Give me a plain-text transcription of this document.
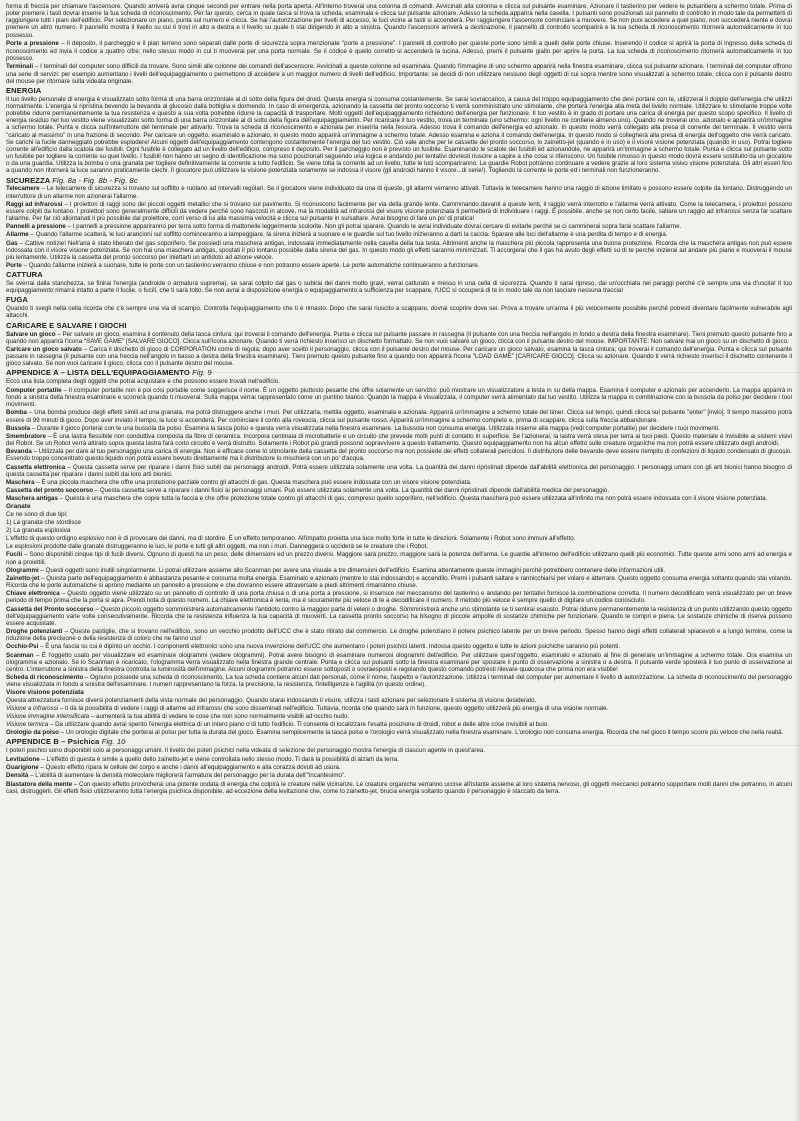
forma di freccia per chiamare l'ascensore. Quando arriverà avrai cinque secondi per entrare nella porta aperta. All'interno troverai una colonna di comandi. Avvicinati alla colonna e clicca sul pulsante esaminare. Azionare il tastierino per vedere le pulsantiera a schermo totale. Prima di poter premere i tasti dovrai inserire la tua scheda di riconoscimento. Per far questo, cerca in quale tasca si trova la scheda, esaminala e clicca sul pulsante azionare. Adesso la scheda apparirà nella casella. I pulsanti sono posizionati sul pannello di controllo in modo tale da permetterti di raggiungere tutti i piani dell'edificio. Per selezionare un piano, punta sul numero e clicca. Se hai l'autorizzazione per livelli di accesso, le luci vicine ai tasti si accenderà. Per raggiungere l'ascensore cominciare a muovere. Se non puoi accedere a quel piano, non succederà niente e dovrai premere un altro numero. Il pannello mostra il livello su cui ti trovi in alto a destra e il livello su quale ti stai dirigendo in alto a sinistra. Quando l'ascensore arriverà a destinazione, il pannello di controllo scomparirà e la tua scheda di riconoscimento ritornerà automaticamente in tuo possesso.

Porte a pressione – Il deposito, il parcheggio e il pian terreno sono separati dalle porte di sicurezza sopra menzionate "porte a pressione". I pannelli di controllo per queste porte sono simili a quelli delle porte chiuse. Inserendo il codice si aprirà la porta di ingresso della scheda di riconoscimento ed invia il codice a quattro cifre; nello stesso modo in cui ti muoverai per una porta normale. Se il codice è quello corretto si accenderà la lucina. Adesso, premi il pulsante giallo per aprire la porta. La tua scheda di riconoscimento ritornerà automaticamente in tuo possesso.

Terminali – I terminali del computer sono difficili da trovare. Sono simili alle colonne dei comandi dell'ascensore. Avvicinati a queste colonne ed esaminala. Quando l'immagine di uno schermo apparirà nella finestra esaminare, clicca sul pulsante azionare. I terminali del computer offrono una serie di servizi: per esempio aumentano i livelli dell'equipaggiamento o permettono di accedere a un maggior numero di livelli dell'edificio. Importante: se decidi di non utilizzare nessuno degli oggetti di cui sopra mentre sono visualizzati a schermo totale, clicca con il pulsante destro del mouse per ritornare sulla videata originale.

ENERGIA

Il tuo livello personale di energia è visualizzato sotto forma di una barra orizzontale al di sotto della figura del droid. Questa energia si consuma costantemente. Se sarai sovraccarico, a causa del troppo equipaggiamento che devi portare con te, utilizzerai il doppio dell'energia che utilizzi normalmente. L'energia si ripristina bevendo la bevanda al glucosio dalla bottiglia e dormendo. In caso di emergenza, azionando la cassetta del pronto soccorso ti verrà somministrato uno stimolante, che porterà l'energia alla metà del livello normale. Utilizzare lo stimolante troppe volte potrebbe ridurre permanentemente la tua resistenza e questo a sua volta potrebbe ridurre la capacità di trasportare. Molti oggetti dell'equipaggiamento richiedono dell'energia per funzionare. Il tuo vestito è in grado di portare una carica di energia per questo scopo specifico. Il livello di energia residuo nel tuo vestito viene visualizzato sotto forma di una barra orizzontale al di sotto della figura dell'equipaggiamento. Per ricaricare il tuo vestito, trova un terminale (uno schermo: ogni livello ne contiene almeno uno). Quando ne troverai uno, azionalo e apparirà un'immagine a schermo totale. Punta e clicca sull'interruttore del terminale per attivarlo. Trova la scheda di riconoscimento e azionala per inserirla nella fessura. Adesso trova il comando dell'energia ed azionalo. In questo modo verrà collegato alla presa di corrente del terminale. Il vestito verrà "caricato al massimo" in una frazione di secondo. Per caricare un oggetto, esaminalo e azionalo, in questo modo apparirà un'immagine a schermo totale. Adesso esamina e aziona il comando dell'energia. In questo modo si collegherà alla presa di energia dell'oggetto che verrà caricato. Se carichi la fucile danneggiato potrebbe esplodere! Alcuni oggetti dell'equipaggiamento contengono costantemente l'energia del tuo vestito. Ciò vale anche per le cassette del pronto soccorso, lo zainetto-jet (quando è in uso) e il visore visione potenziata (quando in uso). Potrai togliere corrente all'edificio dalla scatola dei fusibili. Ogni fusibile è collegato ad un livello dell'edificio, compreso il deposito. Per il parcheggio non è previsto un fusibile. Esaminando le scatole dei fusibili ed azionandole, ne apparirà un'immagine a schermo totale. Punta e clicca sul pulsante sotto un fusibile per togliere la corrente su quel livello. I fusibili non hanno un segno di identificazione ma sono posizionati seguendo una logica e andando per tentativi dovresti riuscire a capire a che cosa si riferiscono. Un fusibile rimosso in questo modo dovrà essere sostituito da un giocatore o da una guardia. Utilizza la bomba o una granata per togliere definitivamente la corrente a tutto l'edificio. Se viene tolta la corrente ad un livello, tutte le luci scompariranno. Le guardie Robot potranno continuare a vedere grazie al loro sistema visivo visione potenziata. Gli altri esseri fino a quando non ritornerà la luce saranno praticamente ciechi. Il giocatore può utilizzare la visione potenziata solamente se indossa il visore (gli androidi hanno il visore...di serie!). Togliendo la corrente le porte ed i terminali non funzioneranno.

SICUREZZA Fig. 8a - Fig. 8b - Fig. 8c

Telecamere – Le telecamere di sicurezza si trovano sul soffitto e ruotano ad intervalli regolari. Se il giocatore viene individuato da una di queste, gli allarmi verranno attivati. Tuttavia le telecamere hanno una raggio di azione limitato e possono essere colpite da lontano. Distruggendo un interruttore di un allarme non azionerai l'allarme.

Raggi ad infrarossi – I proiettori di raggi sono dei piccoli oggetti metallici che si trovano sul pavimento. Si riconoscono facilmente per via della grande lente. Camminando davanti a queste lenti, il raggio verrà interrotto e l'allarme verrà attivato. Come la telecamera, i proiettori possono essere colpiti da lontano. I proiettori sono generalmente difficili da vedere perché sono nascosti in alcove, ma la modalità ad infrarossi del visore visione potenziata ti permetterà di individuare i raggi. È possibile, anche se non certo facile, saltare un raggio ad infrarossi senza far scattare l'allarme. Per far ciò allontanati il più possibile dal proiettore, corri verso di lui alla massima velocità e clicca sul pulsante in su/saltare. Avrai bisogno di fare un po' di pratica!

Pannelli a pressione – I pannelli a pressione appariranno per terra sotto forma di mattonelle leggermente scolorite. Non gli potrai sparare. Quando le avrai individuate dovrai cercare di evitarle perché se ci camminerai sopra farai scattare l'allarme.

Allarme – Quando l'allarme scatterà, le luci arancioni sul soffitto cominceranno a lampeggiare, la sirena inizierà a suonare e le guardie sul tuo livello inizieranno a darti la caccia. Sparare alle luci dell'allarme è una perdita di tempo e di energia.

Gas – Cattive notizie! Nell'aria è stato liberato del gas soporifero. Se possiedi una maschera antigas, indossala immediatamente nella casella della tua testa. Altrimenti anche la maschera più piccola rappresenta una buona protezione. Ricorda che la maschera antigas non può essere indossata con il visore visione potenziata. Se non hai una maschera antigas, spostati il più lontano possibile dalla sirena del gas. In questo modo gli effetti saranno minimizzati. Ti accorgerai che il gas ha avuto degli effetti su di te perché inizierai ad andare più piano e muoverai il mouse più lentamente. Utilizza la cassetta del pronto soccorso per iniettarti un antidoto ad azione veloce.

Porte – Quando l'allarme inizierà a suonare, tutte le porte con un tastierino verranno chiuse e non potranno essere aperte. Le porte automatiche continueranno a funzionare.

CATTURA

Se sverrai dalla stanchezza, se finirai l'energia (androide o armatura suprema), se sarai colpito dal gas o subirai dei danni molto gravi, verrai catturato e messo in una cella di sicurezza. Quando ti sarai ripreso, dai un'occhiata nei paraggi perché c'è sempre una via d'uscita! Il tuo equipaggiamento rimarrà intatto a parte il fucile, o fucili, che ti sarà tolto. Se non avrai a disposizione energia o equipaggiamento a sufficienza per scappare, l'UCC si occuperà di te in modo tale da non lasciare nessuna traccia!

FUGA

Quando ti svegli nella cella ricorda che c'è sempre una via di scampo. Controlla l'equipaggiamento che ti è rimasto. Dopo che sarai riuscito a scappare, dovrai scoprire dove sei. Prova a trovare un'arma il più velocemente possibile perché potresti diventare facilmente vulnerabile agli attacchi.

CARICARE E SALVARE I GIOCHI

Salvare un gioco – Per salvare un gioco, esamina il contenuto della tasca cintura: qui troverai il comando dell'energia. Punta e clicca sul pulsante passare in rassegna (il pulsante con una freccia nell'angolo in fondo a destra della finestra esaminare). Tieni premuto questo pulsante fino a quando non apparirà l'icona "SAVE GAME" [SALVARE GIOCO]. Clicca sull'icona azionare. Quando ti verrà richiesto inserisci un dischetto formattato. Se non vuoi salvare un gioco, clicca con il pulsante destro del mouse. IMPORTANTE: Non salvare mai un gioco su un dischetto di gioco.

Caricare un gioco salvato – Carica il dischetto di gioco di CORPORATION come di regola; dopo aver scelto il personaggio, clicca con il pulsante destro del mouse. Per caricare un gioco salvato, esamina la tasca cintura; qui troverai il comando dell'energia. Punta e clicca sul pulsante passare in rassegna (il pulsante con una freccia nell'angolo in basso a destra della finestra esaminare). Tieni premuto questo pulsante fino a quando non apparirà l'icona "LOAD GAME" [CARICARE GIOCO]. Clicca su azionare. Quando ti verrà richiesto inserisci il dischetto contenente il gioco salvato. Se non vuoi caricare il gioco, clicca con il pulsante destro del mouse.

APPENDICE A – LISTA DELL'EQUIPAGGIAMENTO Fig. 9

Ecco una lista completa degli oggetti che potrai acquistare e che possono essere trovati nell'edificio.

Computer portatile – Il computer portatile non è poi così portatile come suggerisce il nome. È un oggetto piuttosto pesante che offre solamente un servizio: può mostrare un visualizzatore a testa in su della mappa. Esamina il computer e azionalo per accenderlo. La mappa apparirà in fondo a sinistra della finestra esaminare e scorrerà quando ti muoverai. Sulla mappa verrai rappresentato come un puntino bianco. Quando la mappa è visualizzata, il computer verrà alimentato dal tuo vestito. Utilizza la mappa in combinazione con la bussola da polso per decidere i tuoi movimenti.

Bomba – Una bomba produce degli effetti simili ad una granata, ma potrà distruggere anche i muri. Per utilizzarla, mettila oggetto, esaminala e azionala. Apparirà un'immagine a schermo totale del timer. Clicca sul tempo, quindi clicca sul pulsante "enter" [invio]. Il tempo massimo potrà essere di 99 minuti di gioco. Dopo aver inviato il tempo, la luce si accenderà. Per cominciare il conto alla rovescia, clicca sul pulsante rosso. Apparirà un'immagine a schermo completo e, prima di scappare, clicca sulla freccia abbandonare.

Bussola – Durante il gioco porterai con te una bussola da polso. Esamina la tasca polso e questa verrà visualizzata nella finestra esaminare. La bussola non consuma energia. Utilizzala insieme alla mappa (vedi computer portatile) per decidere i tuoi movimenti.

Smembratore – È una lastra flessibile non conduttiva composta da fibre di ceramica. Incorpora centinaia di microbatterie e un circuito che prevede molti punti di contatto in superficie. Se l'azionerai, la lastra verrà stesa per terra ai tuoi piedi. Questo materiale è invisibile ai sistemi visivi dei Robot. Se un Robot verrà attirato sopra questa lastra farà corto circuito e verrà distrutto. Solamente i Robot più grandi possono sopravvivere a questo trattamento. Questo equipaggiamento non ha alcun effetto sulle creature organiche ma non potrà essere utilizzato degli androidi.

Bevanda – Utilizzala per dare al tuo personaggio una carica di energia. Non è efficace come lo stimolante della cassetta del pronto soccorso ma non possiede dei effetti collaterali pericolosi. Il distributore delle bevande deve essere riempito di confezioni di liquido condensato di glucosio. Essendo troppo concentrato questo liquido non potrà essere bevuto direttamente ma il distributore lo mischierà con un po' d'acqua.

Cassetta elettronica – Questa cassetta serve per riparare i danni fisici subiti dai personaggi androidi. Potrà essere utilizzata solamente una volta. La quantità dei danni ripristinati dipende dall'abilità elettronica del personaggio. I personaggi umani con gli arti bionici hanno bisogno di questa cassetta per riparare i danni subiti dai loro arti bionici.

Maschera – È una piccola maschera che offre una protezione parziale contro gli attacchi di gas. Questa maschera può essere indossata con un visore visione potenziata.

Cassetta del pronto soccorso – Questa cassetta serve a riparare i danni fisici ai personaggi umani. Può essere utilizzata solamente una volta. La quantità dei danni ripristinati dipende dall'abilità medica del personaggio.

Maschera antigas – Questa è una maschera che copre tutta la faccia e che offre protezione totale contro gli attacchi di gas, compreso quello soporifero, nell'edificio. Questa maschera può essere utilizzata all'infinito ma non potrà essere indossata con il visore visione potenziata.

Granate

Ce ne sono di due tipi:

1) La granata che stordisce

2) La granata esplosiva

L'effetto di questo ordigno esplosivo non è di provocare dei danni, ma di stordire. È un effetto temporaneo. All'impatto proietta una luce molto forte in tutte le direzioni. Solamente i Robot sono immuni all'effetto.

Le esplosioni prodotte dalle granate distruggeranno le luci, le porte e tutti gli altri oggetti, ma non i muri. Danneggerà o ucciderà se le creature che i Robot.

Fucili – Sono disponibili cinque tipi di fucili diversi. Ognuno di questi ha un peso, delle dimensioni ed un prezzo diversi. Maggiore sarà prezzo, maggiore sarà la potenza dell'arma. Le guardie all'interno dell'edificio utilizzano quelli più economici. Tutte queste armi sono armi ad energia e non a proiettili.

Ologrammi – Questi oggetti sono inutili singolarmente. Li potrai utilizzare assieme allo Scanman per avere una visuale a tre dimensioni dell'edificio. Esamina attentamente queste immagini perché potrebbero contenere delle informazioni utili.

Zainetto-jet – Questa parte dell'equipaggiamento è abbastanza pesante e consuma molta energia. Esaminalo e azionalo (mentre lo stai indossando) e accendilo. Premi i pulsanti saltare e rannicchiarsi per volare e atterrare. Questo oggetto consuma energia soltanto quando stai volando. Ricorda che le porte automatiche si aprono mediante un pannello a pressione e che dovranno essere attraversate a piedi altrimenti rimarranno chiuse.

Chiave elettronica – Questo oggetto viene utilizzato su un pannello di controllo di una porta chiusa o di una porta a pressione, si inserisce nel meccanismo del tastierino e andando per tentativi fornisce la combinazione corretta. Il numero decodificato verrà visualizzato per un breve periodo di tempo prima che la porta si apra. Prendi nota di questo numero. La chiave elettronica è lenta, ma è sicuramente più veloce di te a decodificare il numero. Il metodo più veloce è sempre quello di digitare un codice conosciuto.

Cassetta del Pronto soccorso – Questo piccolo oggetto somministrerà automaticamente l'antidoto contro la maggior parte di veleni o droghe. Somministrerà anche uno stimolante se ti sentirai esausto. Potrai ridurre permanentemente la resistenza di un punto utilizzando questo oggetto dell'equipaggiamento varie volte consecutivamente. Ricorda che la resistenza influenza la tua capacità di muoverti. La cassetta pronto soccorso ha bisogno di piccole ampolle di sostanze chimiche per funzionare. Quando le compri e piena. Le sostanze chimiche di riserva possono essere acquistate.

Droghe potenzianti – Queste pastiglie, che si trovano nell'edificio, sono un vecchio prodotto dell'UCC che è stato ritirato dal commercio. Le droghe potenziano il potere psichico latente per un breve periodo. Spesso hanno degli effetti collaterali spiacevoli e a lungo termine, come la riduzione della precisione o della resistenza di coloro che ne fanno uso!

Occhio-Psi – È una fascia su cui è dipinto un occhio. I componenti elettronici sono una nuova invenzione dell'UCC che aumentano i poteri psichici latenti. Indossa questo oggetto e tutte le azioni psichiche saranno più potenti.

Scanman – È l'oggetto usato per visualizzare ed esaminare ologrammi (vedere ologrammi). Potrai avere bisogno di esaminare numerosi ologrammi dell'edificio. Per utilizzare quest'oggetto, esaminalo e azionalo al fine di generare un'immagine a schermo totale. Ora esamina un ologramma e azionalo. Se lo Scanman è ricaricato, l'ologramma verrà visualizzato nella finestra grande centrale. Punta e clicca sui pulsanti sotto la finestra esaminare per spostare il punto di osservazione a sinistra o a destra. Il pulsante verde sposterà il tuo punto di osservazione al centro. L'interruttore a sinistra della finestra controlla la luminosità dell'immagine. Alcuni ologrammi potranno essere sottoposti o sovraesposti e regolando questo comando potresti rilevare qualcosa che prima non era visibile!

Scheda di riconoscimento – Ognuno possiede una scheda di riconoscimento. La tua scheda contiene alcuni dati personali, come il nome, l'aspetto e l'autorizzazione. Utilizza i terminali del computer per aumentare il livello di autorizzazione. La scheda di riconoscimento del personaggio viene visualizzata in fondo a sinistra dell'esaminare. I numeri rappresentano la forza, la precisione, la resistenza, l'intelligenza e l'agilità (in questo ordine).

Visore visione potenziata

Questa attrezzatura fornisce diversi potenziamenti della vista normale del personaggio. Quando starai indossando il visore, utilizza i tasti azionare per selezionare il sistema di visione desiderato.

Visione a infrarossi – ti dà la possibilità di vedere i raggi di allarme ad infrarossi che sono disseminati nell'edificio. Tuttavia, ricorda che quando sarà in funzione, questo oggetto utilizzerà più energia di una visione normale.

Visione immagine intensificata – aumenterà la tua abilità di vedere le cose che non sono normalmente visibili ad occhio nudo.

Visione termica – Da utilizzare quando avrai spento l'energia elettrica di un intero piano o di tutto l'edificio. Ti consente di localizzare l'esatta posizione di droidi, robot e delle altre cose invisibili al buio.

Orologio da polso – Un orologio digitale che porterai al polso per tutta la durata del gioco. Esamina semplicemente la tasca polso e l'orologio verrà visualizzato nella finestra esaminare. L'orologio non consuma energia. Ricorda che nel gioco il tempo scorre più veloce che nella realtà.

APPENDICE B – Psichica Fig. 10

I poteri psichici sono disponibili solo ai personaggi umani. Il livello dei poteri psichici nella videata di selezione del personaggio mostra l'energia di ciascun agente in quest'area.

Levitazione – L'effetto di questa è simile a quello dello zainetto-jet e viene controllata nello stesso modo. Ti darà la possibilità di alzarti da terra.

Guarigione – Questo effetto ripara le cellule del corpo e anche i danni all'equipaggiamento e alla corazza dovuti ad usura.

Densità – L'abilità di aumentare la densità molecolare migliorerà l'armatura del personaggio per la durata dell'"incantesimo".

Blastatore della mente – Con questo effetto provocherai una potente ondata di energia che colpirà le creature nelle vicinanze. Le creature organiche verranno uccise all'istante assieme al loro sistema nervoso, gli oggetti meccanici potranno sopportare molti danni che potranno, in alcuni casi, distruggerli. Gli effetti fisici utilizzeranno tutta l'energia psichica disponibile, ad eccezione della levitazione che, come lo zainetto-jet, brucia energia soltanto quando il personaggio è staccato da terra.
